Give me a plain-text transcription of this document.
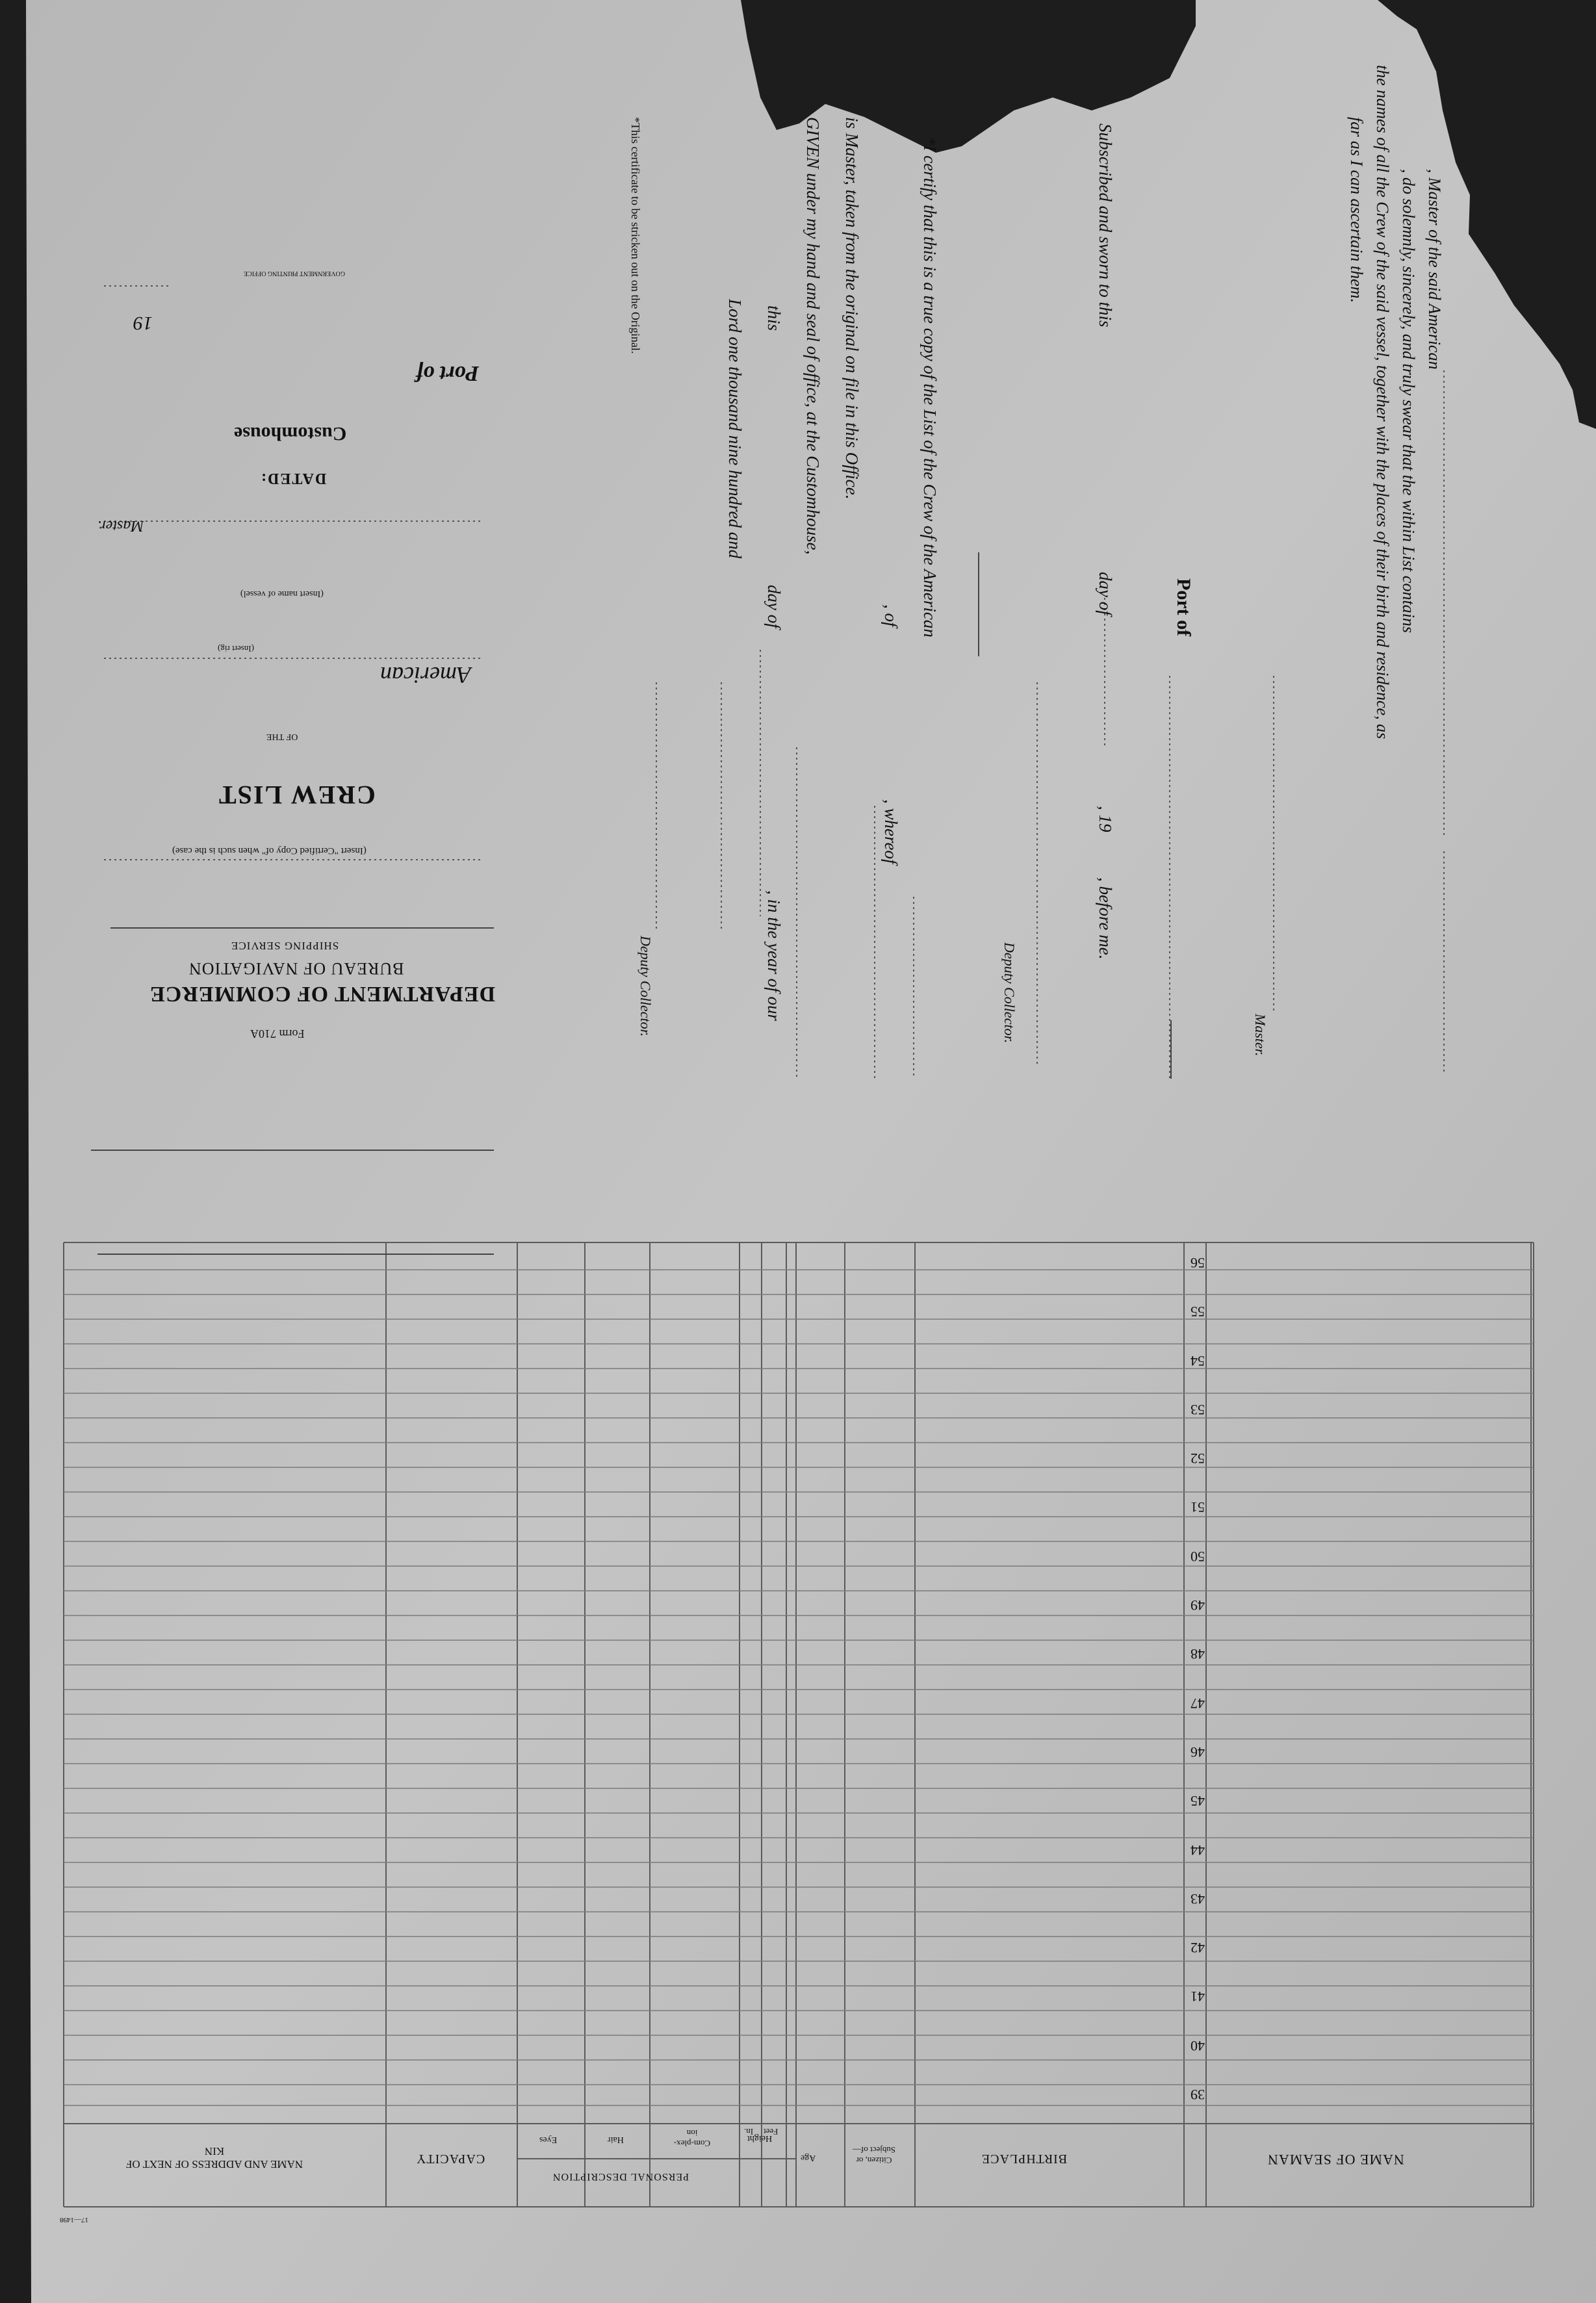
Form 710A
DEPARTMENT OF COMMERCE
BUREAU OF NAVIGATION
SHIPPING SERVICE
(Insert "Certified Copy of" when such is the case)
CREW LIST
OF THE
American
(Insert rig)
(Insert name of vessel)
Master.
DATED:
Customhouse
Port of
19
GOVERNMENT PRINTING OFFICE	, Master of the said American
, do solemnly, sincerely, and truly swear that the within List contains
the names of all the Crew of the said vessel, together with the places of their birth and residence, as
far as I can ascertain them.
Master.
Port of
Subscribed and sworn to this
day of
, 19
, before me.
Deputy Collector.
*I certify that this is a true copy of the List of the Crew of the American
, of
, whereof
is Master, taken from the original on file in this Office.
GIVEN under my hand and seal of office, at the Customhouse,
this
day of
, in the year of our
Lord one thousand nine hundred and
Deputy Collector.
*This certificate to be stricken out on the Original.
NAME OF SEAMAN
BIRTHPLACE
Citizen, or Subject of—
Age
PERSONAL DESCRIPTION
Height
Feet
In.
Com-plex-ion
Hair
Eyes
CAPACITY
NAME AND ADDRESS OF NEXT OF KIN
17—1498
39
40
41
42
43
44
45
46
47
48
49
50
51
52
53
54
55
56
